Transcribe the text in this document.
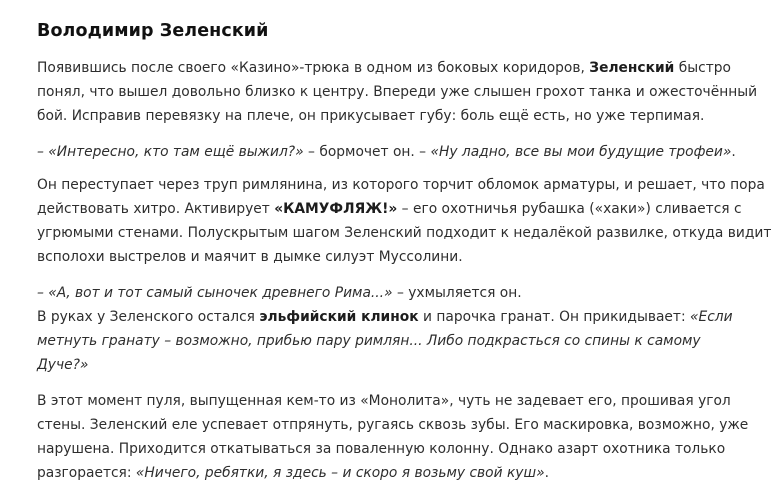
Володимир Зеленский

Появившись после своего «Казино»-трюка в одном из боковых коридоров, Зеленский быстро
понял, что вышел довольно близко к центру. Впереди уже слышен грохот танка и ожесточённый
бой. Исправив перевязку на плече, он прикусывает губу: боль ещё есть, но уже терпимая.

– «Интересно, кто там ещё выжил?» – бормочет он. – «Ну ладно, все вы мои будущие трофеи».

Он переступает через труп римлянина, из которого торчит обломок арматуры, и решает, что пора
действовать хитро. Активирует «КАМУФЛЯЖ!» – его охотничья рубашка («хаки») сливается с
угрюмыми стенами. Полускрытым шагом Зеленский подходит к недалёкой развилке, откуда видит
всполохи выстрелов и маячит в дымке силуэт Муссолини.

– «А, вот и тот самый сыночек древнего Рима...» – ухмыляется он.
В руках у Зеленского остался эльфийский клинок и парочка гранат. Он прикидывает: «Если
метнуть гранату – возможно, прибью пару римлян... Либо подкрасться со спины к самому
Дуче?»

В этот момент пуля, выпущенная кем-то из «Монолита», чуть не задевает его, прошивая угол
стены. Зеленский еле успевает отпрянуть, ругаясь сквозь зубы. Его маскировка, возможно, уже
нарушена. Приходится откатываться за поваленную колонну. Однако азарт охотника только
разгорается: «Ничего, ребятки, я здесь – и скоро я возьму свой куш».
